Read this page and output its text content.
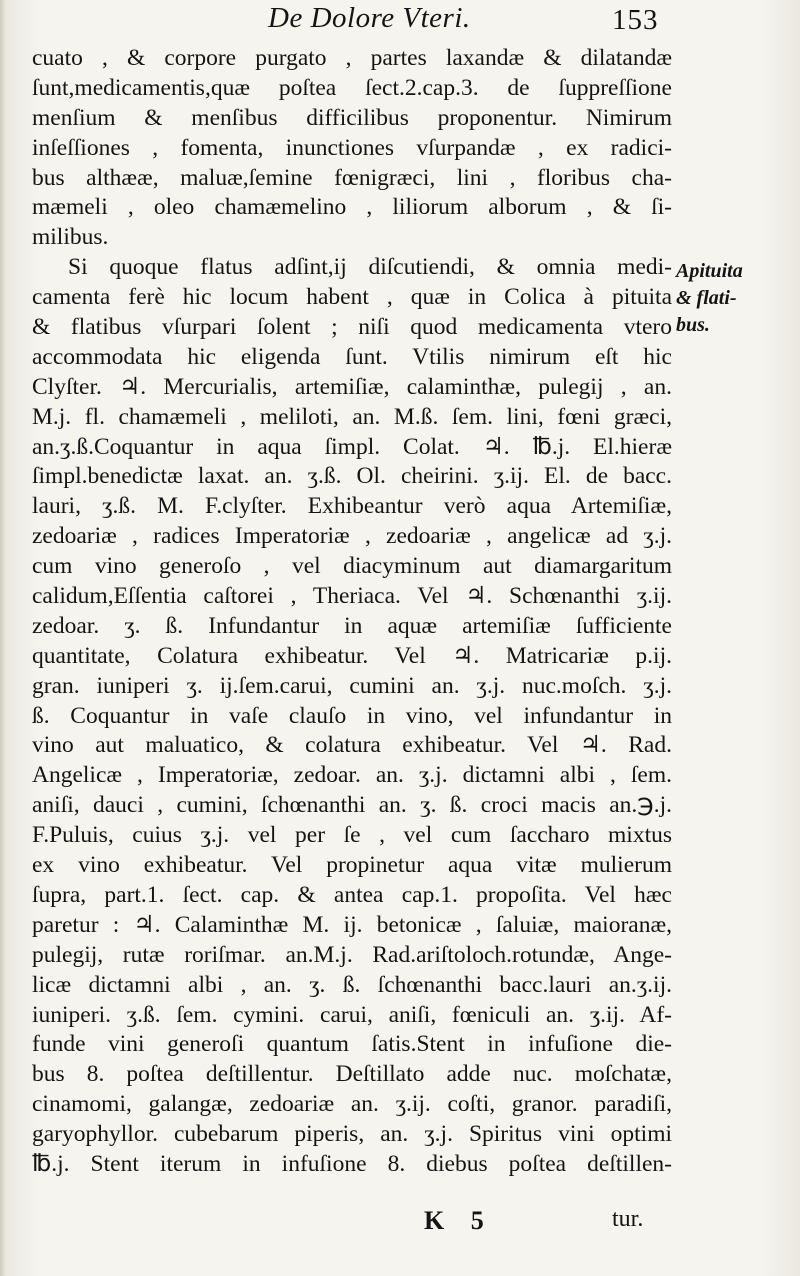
De Dolore Vteri.	153
cuato , & corpore purgato , partes laxandæ & dilatandæ
ſunt,medicamentis,quæ poſtea ſect.2.cap.3. de ſuppreſſione
menſium & menſibus difficilibus proponentur. Nimirum
inſeſſiones , fomenta, inunctiones vſurpandæ , ex radici-
bus althææ, maluæ,ſemine fœnigræci, lini , floribus cha-
mæmeli , oleo chamæmelino , liliorum alborum , & ſi-
milibus.
Si quoque flatus adſint,ij diſcutiendi, & omnia medi-
camenta ferè hic locum habent , quæ in Colica à pituita
& flatibus vſurpari ſolent ; niſi quod medicamenta vtero
accommodata hic eligenda ſunt. Vtilis nimirum eſt hic
Clyſter. ♃. Mercurialis, artemiſiæ, calaminthæ, pulegij , an.
M.j. fl. chamæmeli , meliloti, an. M.ß. ſem. lini, fœni græci,
an.ʒ.ß.Coquantur in aqua ſimpl. Colat. ♃. ℔.j. El.hieræ
ſimpl.benedictæ laxat. an. ʒ.ß. Ol. cheirini. ʒ.ij. El. de bacc.
lauri, ʒ.ß. M. F.clyſter. Exhibeantur verò aqua Artemiſiæ,
zedoariæ , radices Imperatoriæ , zedoariæ , angelicæ ad ʒ.j.
cum vino generoſo , vel diacyminum aut diamargaritum
calidum,Eſſentia caſtorei , Theriaca. Vel ♃. Schœnanthi ʒ.ij.
zedoar. ʒ. ß. Infundantur in aquæ artemiſiæ ſufficiente
quantitate, Colatura exhibeatur. Vel ♃. Matricariæ p.ij.
gran. iuniperi ʒ. ij.ſem.carui, cumini an. ʒ.j. nuc.moſch. ʒ.j.
ß. Coquantur in vaſe clauſo in vino, vel infundantur in
vino aut maluatico, & colatura exhibeatur. Vel ♃. Rad.
Angelicæ , Imperatoriæ, zedoar. an. ʒ.j. dictamni albi , ſem.
aniſi, dauci , cumini, ſchœnanthi an. ʒ. ß. croci macis an.℈.j.
F.Puluis, cuius ʒ.j. vel per ſe , vel cum ſaccharo mixtus
ex vino exhibeatur. Vel propinetur aqua vitæ mulierum
ſupra, part.1. ſect. cap. & antea cap.1. propoſita. Vel hæc
paretur : ♃. Calaminthæ M. ij. betonicæ , ſaluiæ, maioranæ,
pulegij, rutæ roriſmar. an.M.j. Rad.ariſtoloch.rotundæ, Ange-
licæ dictamni albi , an. ʒ. ß. ſchœnanthi bacc.lauri an.ʒ.ij.
iuniperi. ʒ.ß. ſem. cymini. carui, aniſi, fœniculi an. ʒ.ij. Af-
funde vini generoſi quantum ſatis.Stent in infuſione die-
bus 8. poſtea deſtillentur. Deſtillato adde nuc. moſchatæ,
cinamomi, galangæ, zedoariæ an. ʒ.ij. coſti, granor. paradiſi,
garyophyllor. cubebarum piperis, an. ʒ.j. Spiritus vini optimi
℔.j. Stent iterum in infuſione 8. diebus poſtea deſtillen-
Apituita
& flati-
bus.
K 5	tur.
